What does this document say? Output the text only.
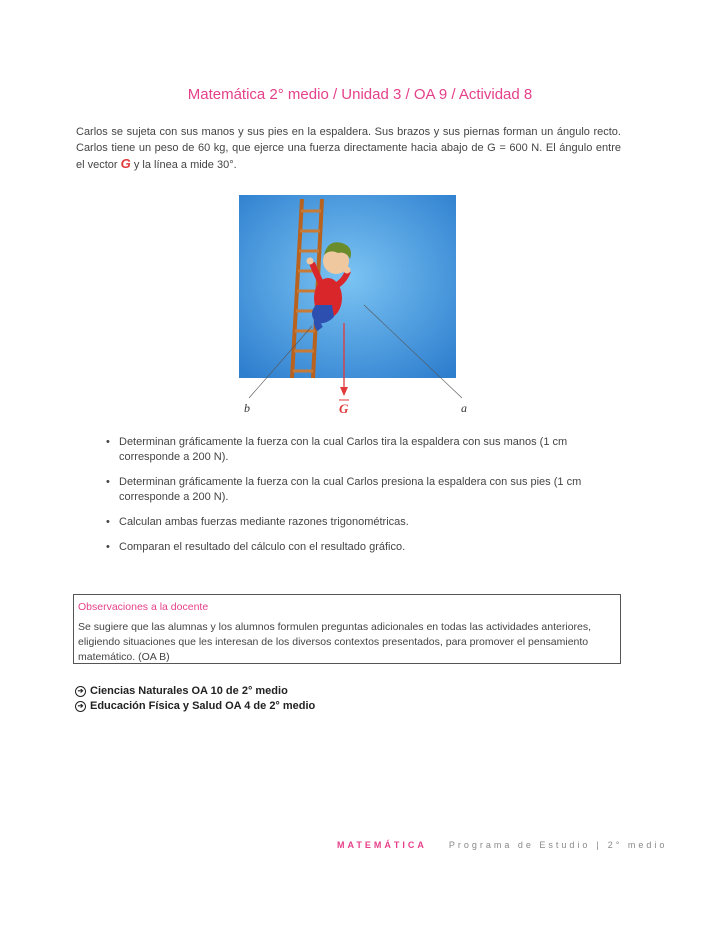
Matemática 2° medio / Unidad 3 / OA 9 / Actividad 8
Carlos se sujeta con sus manos y sus pies en la espaldera. Sus brazos y sus piernas forman un ángulo recto. Carlos tiene un peso de 60 kg, que ejerce una fuerza directamente hacia abajo de G = 600 N. El ángulo entre el vector G y la línea a mide 30°.
b	G	a
• Determinan gráficamente la fuerza con la cual Carlos tira la espaldera con sus manos (1 cm corresponde a 200 N).
• Determinan gráficamente la fuerza con la cual Carlos presiona la espaldera con sus pies (1 cm corresponde a 200 N).
• Calculan ambas fuerzas mediante razones trigonométricas.
• Comparan el resultado del cálculo con el resultado gráfico.
Observaciones a la docente
Se sugiere que las alumnas y los alumnos formulen preguntas adicionales en todas las actividades anteriores, eligiendo situaciones que les interesan de los diversos contextos presentados, para promover el pensamiento matemático. (OA B)
➔ Ciencias Naturales OA 10 de 2° medio
➔ Educación Física y Salud OA 4 de 2° medio
MATEMÁTICA Programa de Estudio | 2° medio
